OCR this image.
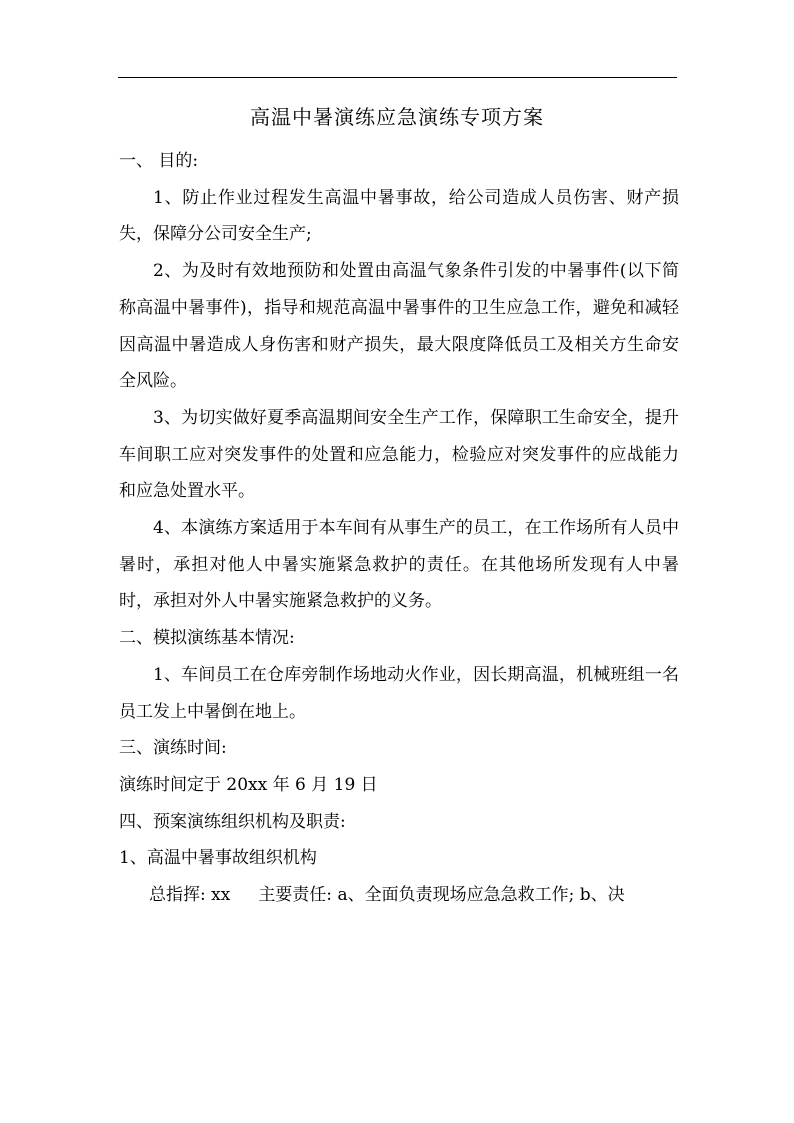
高温中暑演练应急演练专项方案

一、 目的:

1、防止作业过程发生高温中暑事故，给公司造成人员伤害、财产损失，保障分公司安全生产;

2、为及时有效地预防和处置由高温气象条件引发的中暑事件(以下简称高温中暑事件)，指导和规范高温中暑事件的卫生应急工作，避免和减轻因高温中暑造成人身伤害和财产损失，最大限度降低员工及相关方生命安全风险。

3、为切实做好夏季高温期间安全生产工作，保障职工生命安全，提升车间职工应对突发事件的处置和应急能力，检验应对突发事件的应战能力和应急处置水平。

4、本演练方案适用于本车间有从事生产的员工，在工作场所有人员中暑时，承担对他人中暑实施紧急救护的责任。在其他场所发现有人中暑时，承担对外人中暑实施紧急救护的义务。

二、模拟演练基本情况:

1、车间员工在仓库旁制作场地动火作业，因长期高温，机械班组一名员工发上中暑倒在地上。

三、演练时间:

演练时间定于 20xx 年 6 月 19 日

四、预案演练组织机构及职责:

1、高温中暑事故组织机构

总指挥: xx 主要责任: a、全面负责现场应急急救工作; b、决
